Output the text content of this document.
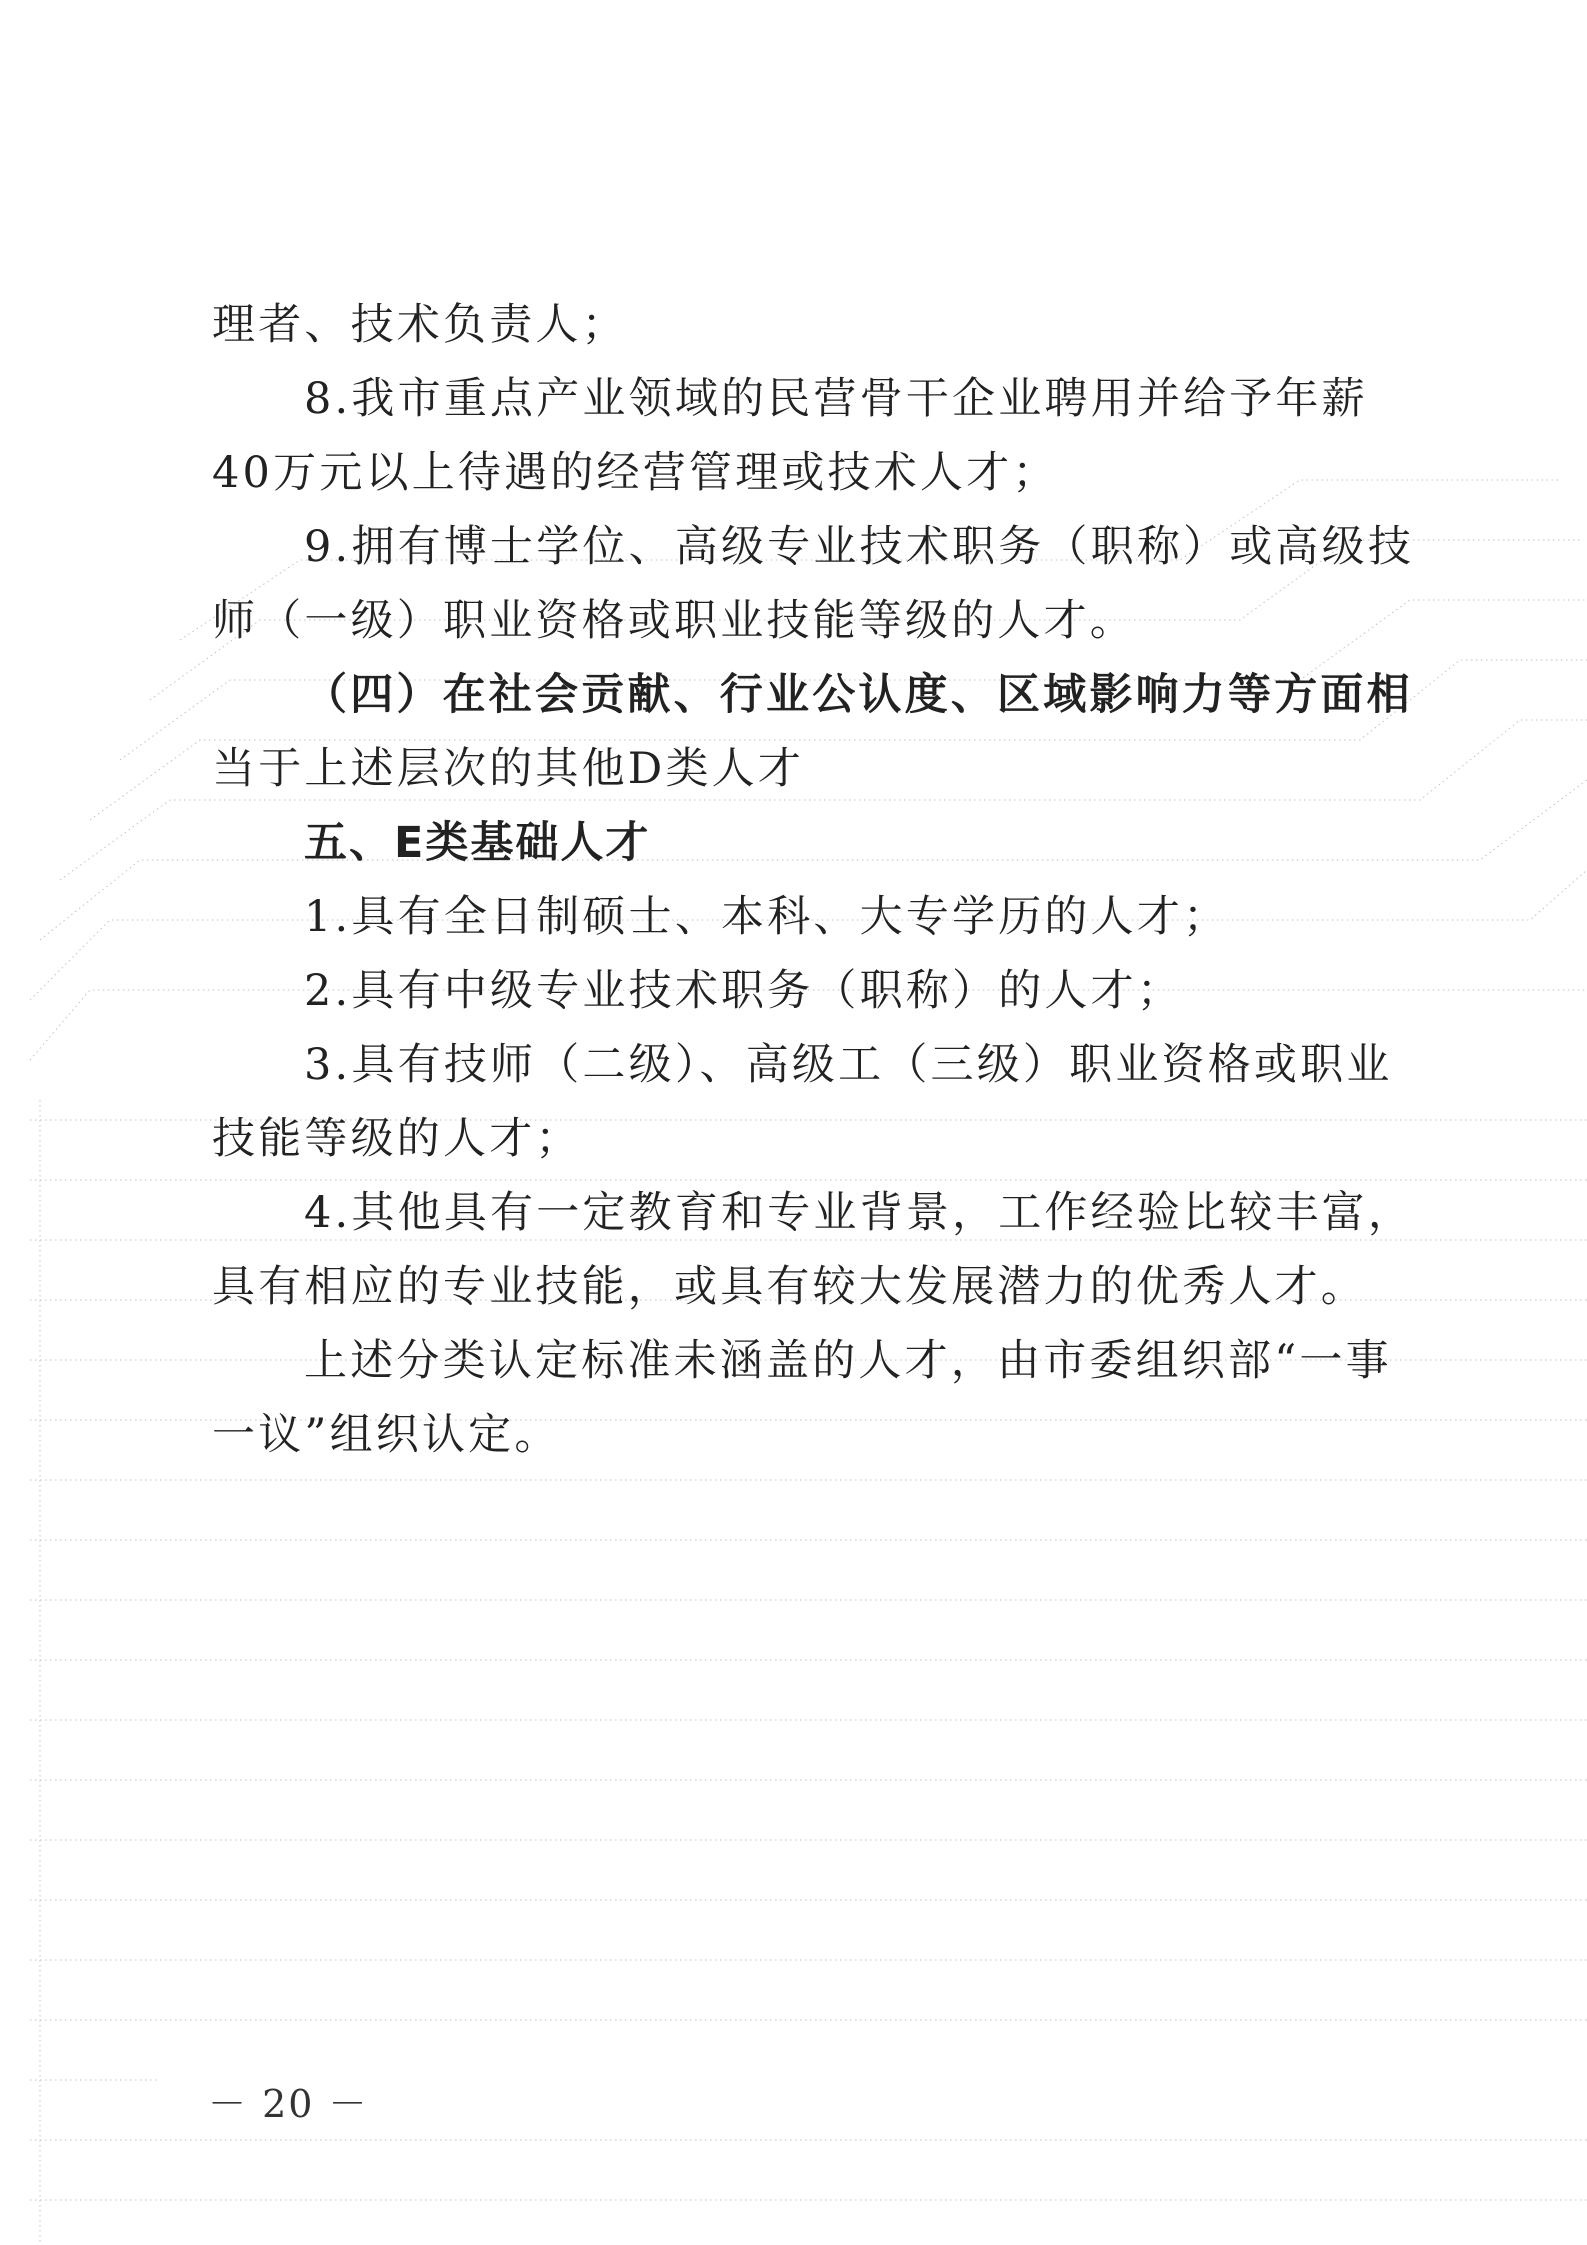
理者、技术负责人；
8.我市重点产业领域的民营骨干企业聘用并给予年薪
40万元以上待遇的经营管理或技术人才；
9.拥有博士学位、高级专业技术职务（职称）或高级技
师（一级）职业资格或职业技能等级的人才。
（四）在社会贡献、行业公认度、区域影响力等方面相
当于上述层次的其他D类人才
五、E类基础人才
1.具有全日制硕士、本科、大专学历的人才；
2.具有中级专业技术职务（职称）的人才；
3.具有技师（二级）、高级工（三级）职业资格或职业
技能等级的人才；
4.其他具有一定教育和专业背景，工作经验比较丰富，
具有相应的专业技能，或具有较大发展潜力的优秀人才。
上述分类认定标准未涵盖的人才，由市委组织部“一事
一议”组织认定。
－ 20 －
